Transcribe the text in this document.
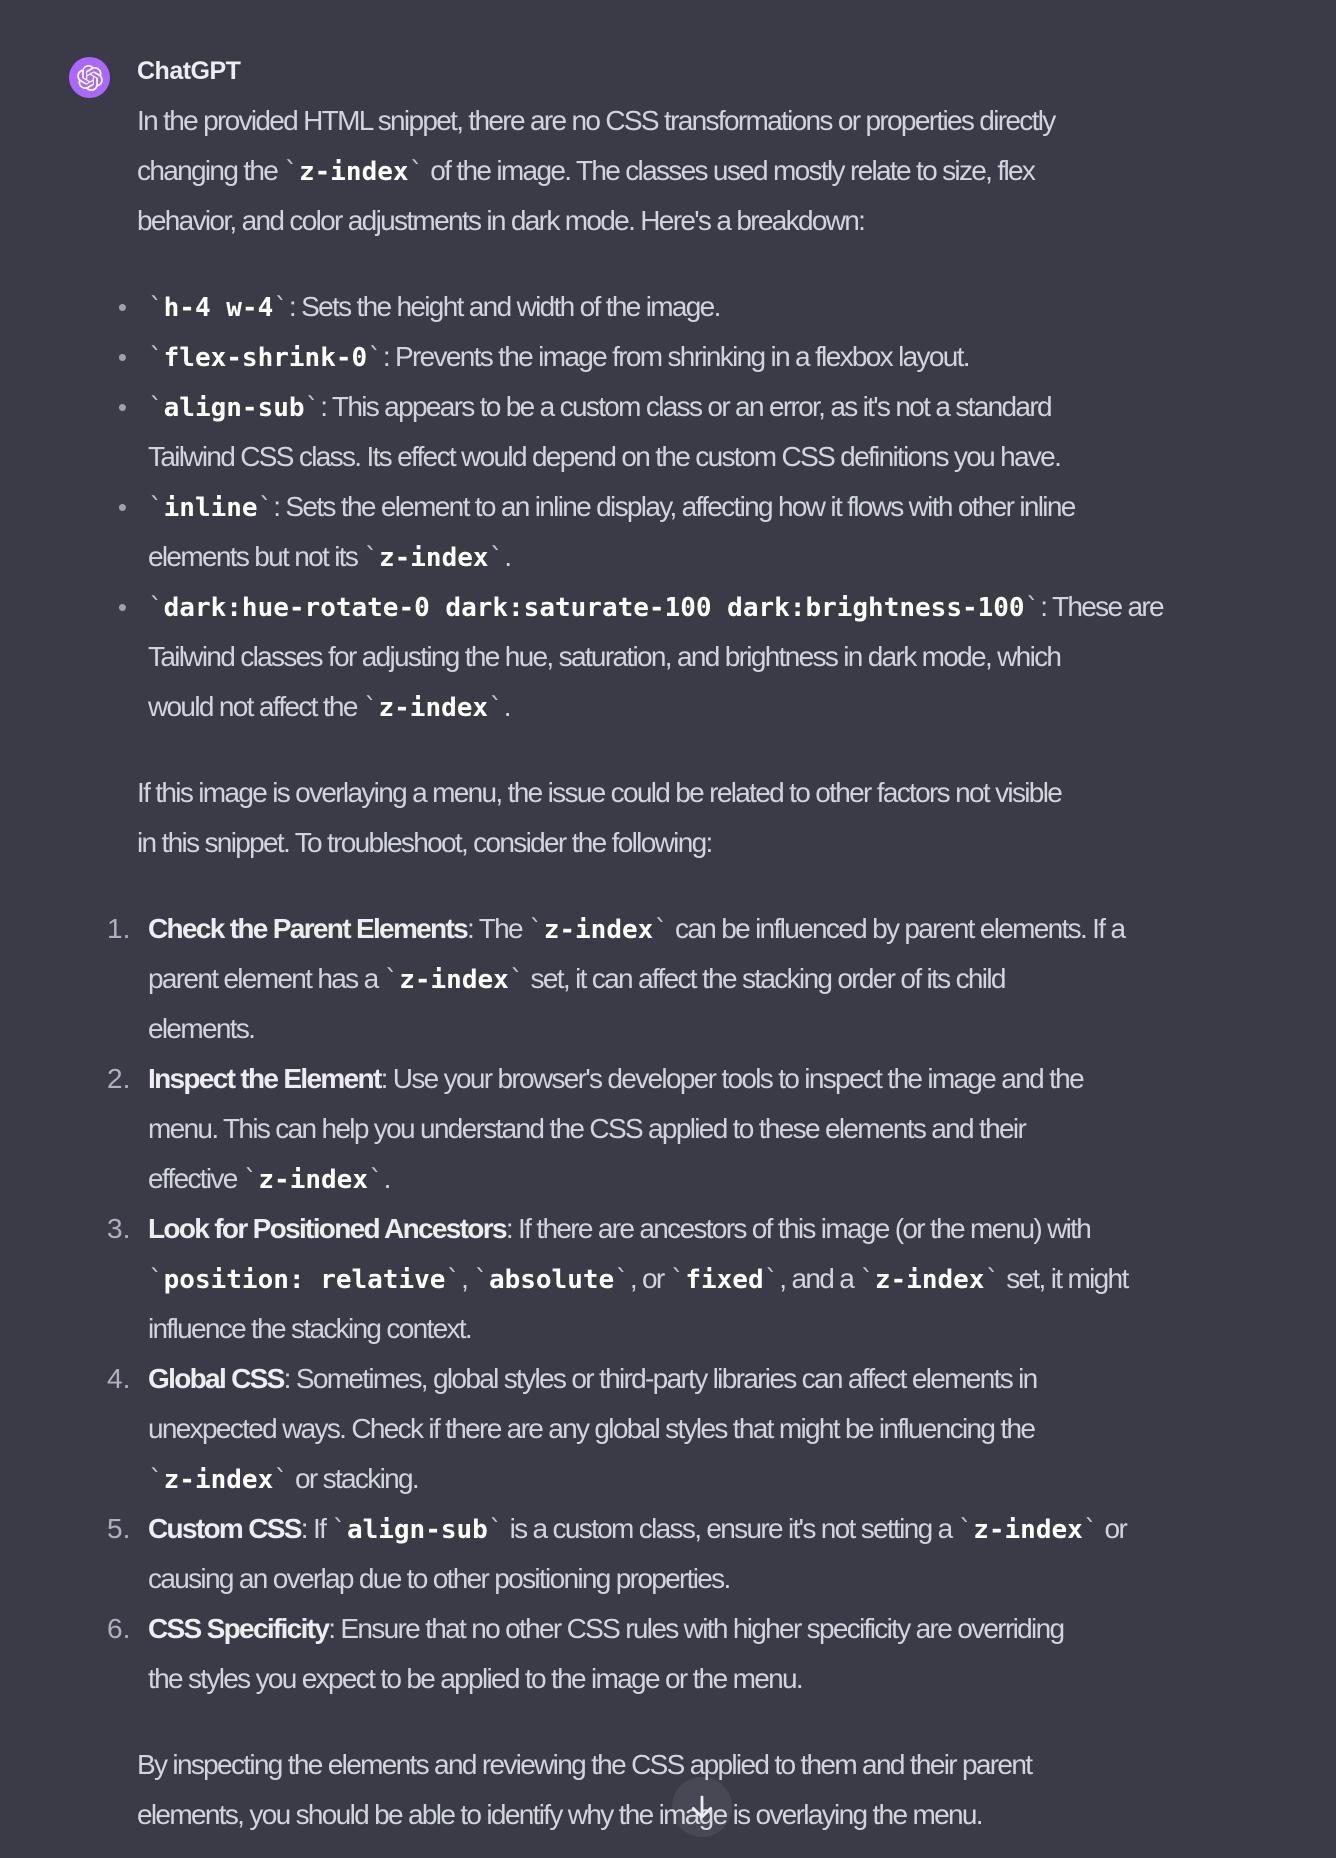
ChatGPT
In the provided HTML snippet, there are no CSS transformations or properties directly
changing the `z-index` of the image. The classes used mostly relate to size, flex
behavior, and color adjustments in dark mode. Here's a breakdown:
• `h-4 w-4`: Sets the height and width of the image.
• `flex-shrink-0`: Prevents the image from shrinking in a flexbox layout.
• `align-sub`: This appears to be a custom class or an error, as it's not a standard
Tailwind CSS class. Its effect would depend on the custom CSS definitions you have.
• `inline`: Sets the element to an inline display, affecting how it flows with other inline
elements but not its `z-index`.
• `dark:hue-rotate-0 dark:saturate-100 dark:brightness-100`: These are
Tailwind classes for adjusting the hue, saturation, and brightness in dark mode, which
would not affect the `z-index`.
If this image is overlaying a menu, the issue could be related to other factors not visible
in this snippet. To troubleshoot, consider the following:
1. Check the Parent Elements: The `z-index` can be influenced by parent elements. If a
parent element has a `z-index` set, it can affect the stacking order of its child
elements.
2. Inspect the Element: Use your browser's developer tools to inspect the image and the
menu. This can help you understand the CSS applied to these elements and their
effective `z-index`.
3. Look for Positioned Ancestors: If there are ancestors of this image (or the menu) with
`position: relative`, `absolute`, or `fixed`, and a `z-index` set, it might
influence the stacking context.
4. Global CSS: Sometimes, global styles or third-party libraries can affect elements in
unexpected ways. Check if there are any global styles that might be influencing the
`z-index` or stacking.
5. Custom CSS: If `align-sub` is a custom class, ensure it's not setting a `z-index` or
causing an overlap due to other positioning properties.
6. CSS Specificity: Ensure that no other CSS rules with higher specificity are overriding
the styles you expect to be applied to the image or the menu.
By inspecting the elements and reviewing the CSS applied to them and their parent
elements, you should be able to identify why the image is overlaying the menu.
